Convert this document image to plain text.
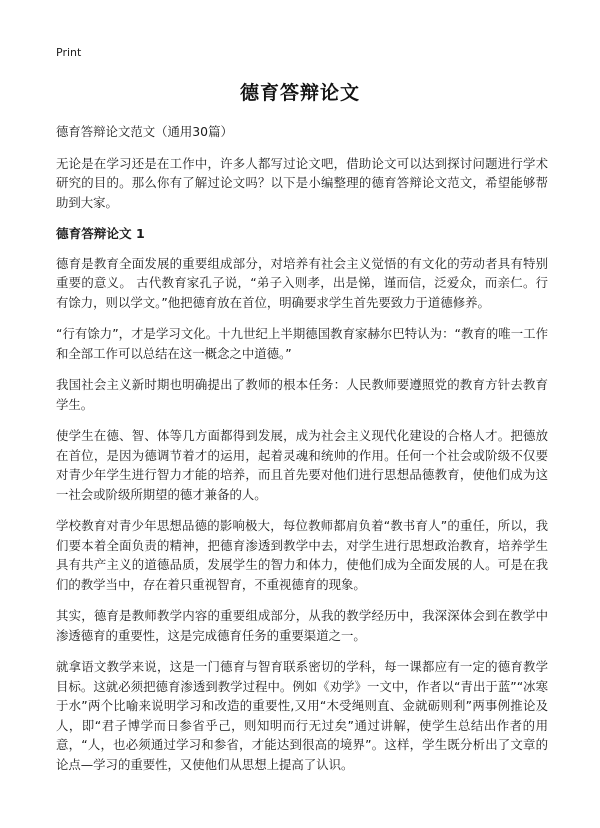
Print
德育答辩论文

德育答辩论文范文（通用30篇）

无论是在学习还是在工作中，许多人都写过论文吧，借助论文可以达到探讨问题进行学术研究的目的。那么你有了解过论文吗？以下是小编整理的德育答辩论文范文，希望能够帮助到大家。

德育答辩论文 1

德育是教育全面发展的重要组成部分，对培养有社会主义觉悟的有文化的劳动者具有特别重要的意义。 古代教育家孔子说，“弟子入则孝，出是悌，谨而信，泛爱众，而亲仁。行有馀力，则以学文。”他把德育放在首位，明确要求学生首先要致力于道德修养。

“行有馀力”，才是学习文化。十九世纪上半期德国教育家赫尔巴特认为：“教育的唯一工作和全部工作可以总结在这一概念之中道德。”

我国社会主义新时期也明确提出了教师的根本任务：人民教师要遵照党的教育方针去教育学生。

使学生在德、智、体等几方面都得到发展，成为社会主义现代化建设的合格人才。把德放在首位，是因为德调节着才的运用，起着灵魂和统帅的作用。任何一个社会或阶级不仅要对青少年学生进行智力才能的培养，而且首先要对他们进行思想品德教育，使他们成为这一社会或阶级所期望的德才兼备的人。

学校教育对青少年思想品德的影响极大，每位教师都肩负着“教书育人”的重任，所以，我们要本着全面负责的精神，把德育渗透到教学中去，对学生进行思想政治教育，培养学生具有共产主义的道德品质，发展学生的智力和体力，使他们成为全面发展的人。可是在我们的教学当中，存在着只重视智育，不重视德育的现象。

其实，德育是教师教学内容的重要组成部分，从我的教学经历中，我深深体会到在教学中渗透德育的重要性，这是完成德育任务的重要渠道之一。

就拿语文教学来说，这是一门德育与智育联系密切的学科，每一课都应有一定的德育教学目标。这就必须把德育渗透到教学过程中。例如《劝学》一文中，作者以“青出于蓝”“冰寒于水”两个比喻来说明学习和改造的重要性,又用“木受绳则直、金就砺则利”两事例推论及人，即“君子博学而日参省乎己，则知明而行无过矣”通过讲解，使学生总结出作者的用意，“人，也必须通过学习和参省，才能达到很高的境界”。这样，学生既分析出了文章的论点—学习的重要性，又使他们从思想上提高了认识。
